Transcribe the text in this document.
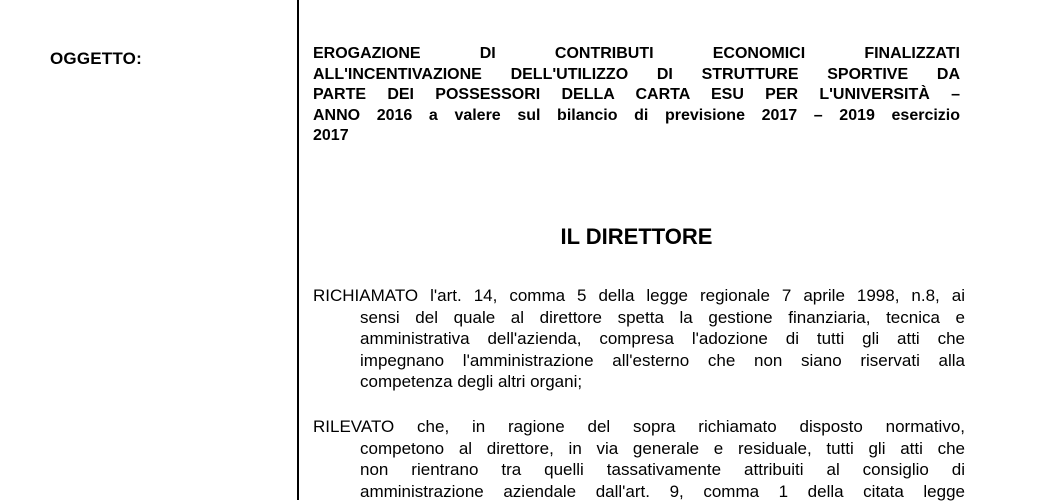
OGGETTO:	EROGAZIONE DI CONTRIBUTI ECONOMICI FINALIZZATI
ALL'INCENTIVAZIONE DELL'UTILIZZO DI STRUTTURE SPORTIVE DA
PARTE DEI POSSESSORI DELLA CARTA ESU PER L'UNIVERSITÀ –
ANNO 2016 a valere sul bilancio di previsione 2017 – 2019 esercizio
2017
IL DIRETTORE
RICHIAMATO l'art. 14, comma 5 della legge regionale 7 aprile 1998, n.8, ai
sensi del quale al direttore spetta la gestione finanziaria, tecnica e
amministrativa dell'azienda, compresa l'adozione di tutti gli atti che
impegnano l'amministrazione all'esterno che non siano riservati alla
competenza degli altri organi;
RILEVATO che, in ragione del sopra richiamato disposto normativo,
competono al direttore, in via generale e residuale, tutti gli atti che
non rientrano tra quelli tassativamente attribuiti al consiglio di
amministrazione aziendale dall'art. 9, comma 1 della citata legge
